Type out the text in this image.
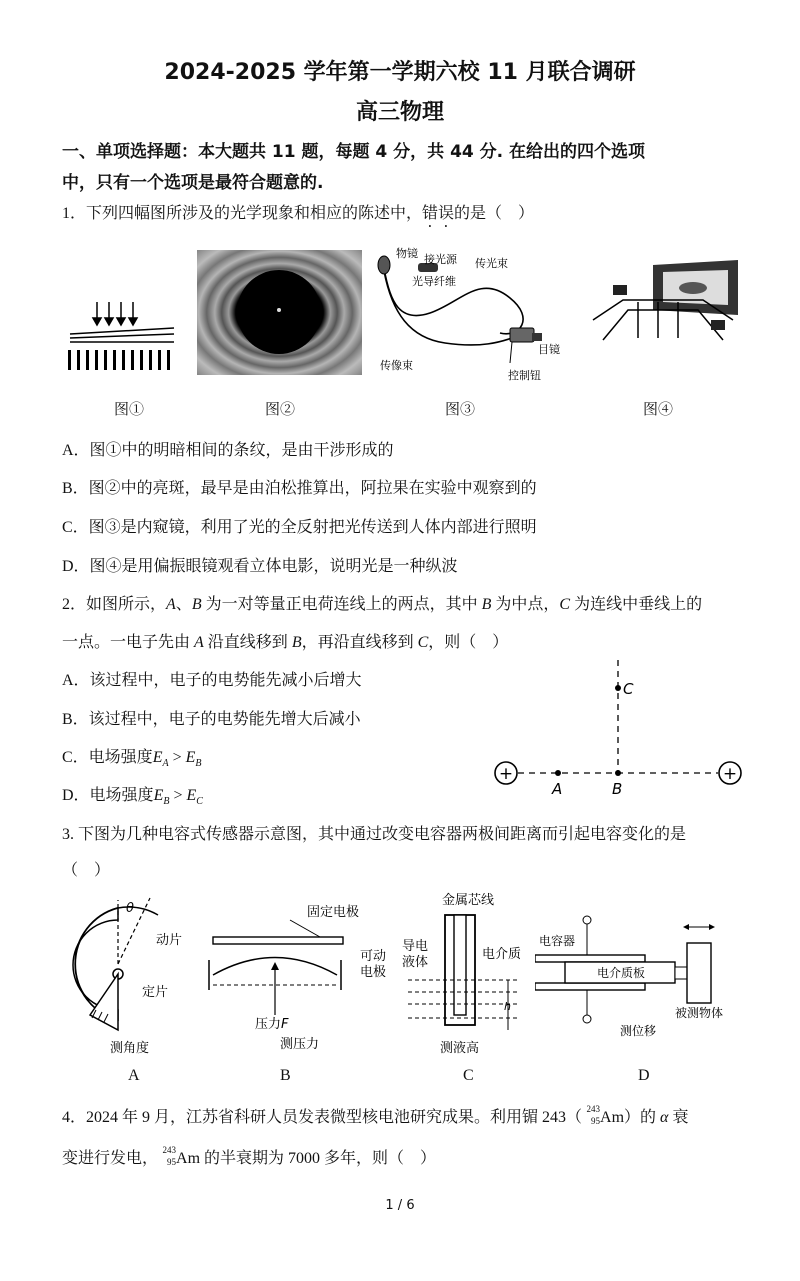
2024-2025 学年第一学期六校 11 月联合调研
高三物理
一、单项选择题：本大题共 11 题，每题 4 分，共 44 分. 在给出的四个选项
中，只有一个选项是最符合题意的.
1．下列四幅图所涉及的光学现象和相应的陈述中，错误的是（　）
物镜 接光源 传光束
光导纤维
传像束
目镜
控制钮
图①	图②	图③	图④
A．图①中的明暗相间的条纹，是由干涉形成的
B．图②中的亮斑，最早是由泊松推算出，阿拉果在实验中观察到的
C．图③是内窥镜，利用了光的全反射把光传送到人体内部进行照明
D．图④是用偏振眼镜观看立体电影，说明光是一种纵波
2．如图所示，A、B 为一对等量正电荷连线上的两点，其中 B 为中点，C 为连线中垂线上的
一点。一电子先由 A 沿直线移到 B，再沿直线移到 C，则（　）
A．该过程中，电子的电势能先减小后增大
B．该过程中，电子的电势能先增大后减小
C．电场强度$E_A > E_B$
D．电场强度$E_B > E_C$
+	+
C
A	B
3. 下图为几种电容式传感器示意图，其中通过改变电容器两极间距离而引起电容变化的是
（　）
θ
动片
定片
测角度
固定电极
可动
电极
压力F
测压力
金属芯线
h
导电
液体
电介质
测液高
电容器
电介质板
被测物体
测位移
A	B	C	D
4．2024 年 9 月，江苏省科研人员发表微型核电池研究成果。利用镅 243（ 243
95 Am）的 α 衰
变进行发电， 243
95 Am 的半衰期为 7000 多年，则（　）
1 / 6
